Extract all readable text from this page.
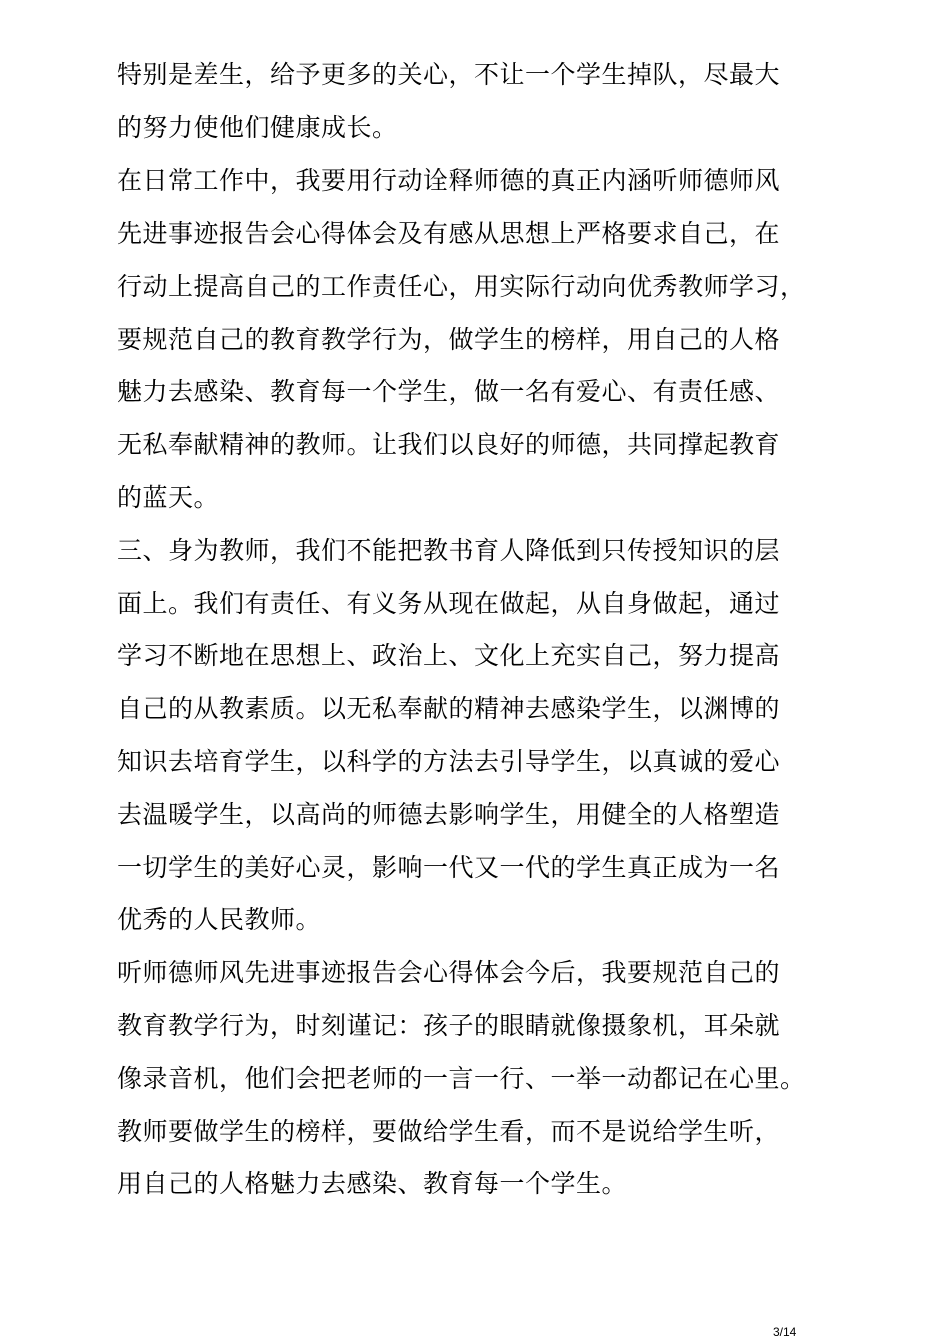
特别是差生，给予更多的关心，不让一个学生掉队，尽最大
的努力使他们健康成长。
在日常工作中，我要用行动诠释师德的真正内涵听师德师风
先进事迹报告会心得体会及有感从思想上严格要求自己，在
行动上提高自己的工作责任心，用实际行动向优秀教师学习，
要规范自己的教育教学行为，做学生的榜样，用自己的人格
魅力去感染、教育每一个学生，做一名有爱心、有责任感、
无私奉献精神的教师。让我们以良好的师德，共同撑起教育
的蓝天。
三、身为教师，我们不能把教书育人降低到只传授知识的层
面上。我们有责任、有义务从现在做起，从自身做起，通过
学习不断地在思想上、政治上、文化上充实自己，努力提高
自己的从教素质。以无私奉献的精神去感染学生，以渊博的
知识去培育学生，以科学的方法去引导学生，以真诚的爱心
去温暖学生，以高尚的师德去影响学生，用健全的人格塑造
一切学生的美好心灵，影响一代又一代的学生真正成为一名
优秀的人民教师。
听师德师风先进事迹报告会心得体会今后，我要规范自己的
教育教学行为，时刻谨记：孩子的眼睛就像摄象机，耳朵就
像录音机，他们会把老师的一言一行、一举一动都记在心里。
教师要做学生的榜样，要做给学生看，而不是说给学生听，
用自己的人格魅力去感染、教育每一个学生。
3/14
